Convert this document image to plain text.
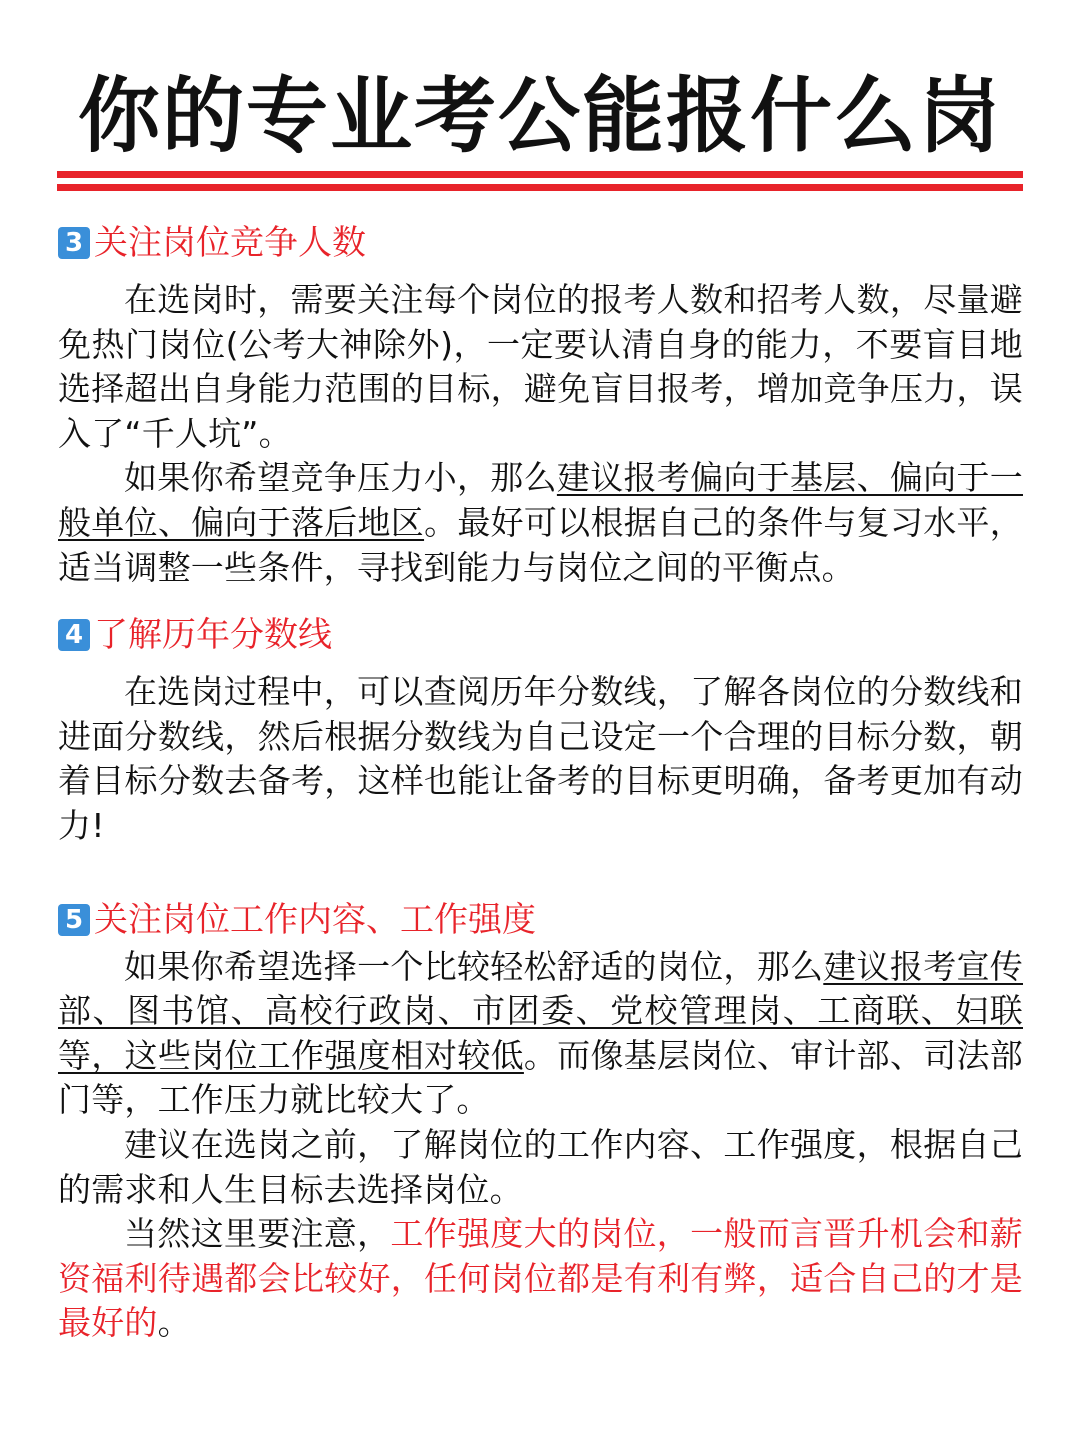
你的专业考公能报什么岗
3 关注岗位竞争人数

在选岗时，需要关注每个岗位的报考人数和招考人数，尽量避免热门岗位(公考大神除外)，一定要认清自身的能力，不要盲目地选择超出自身能力范围的目标，避免盲目报考，增加竞争压力，误入了“千人坑”。

如果你希望竞争压力小，那么建议报考偏向于基层、偏向于一般单位、偏向于落后地区。最好可以根据自己的条件与复习水平，适当调整一些条件，寻找到能力与岗位之间的平衡点。

4 了解历年分数线

在选岗过程中，可以查阅历年分数线，了解各岗位的分数线和进面分数线，然后根据分数线为自己设定一个合理的目标分数，朝着目标分数去备考，这样也能让备考的目标更明确，备考更加有动力!

5 关注岗位工作内容、工作强度

如果你希望选择一个比较轻松舒适的岗位，那么建议报考宣传部、图书馆、高校行政岗、市团委、党校管理岗、工商联、妇联等，这些岗位工作强度相对较低。而像基层岗位、审计部、司法部门等，工作压力就比较大了。

建议在选岗之前，了解岗位的工作内容、工作强度，根据自己的需求和人生目标去选择岗位。

当然这里要注意，工作强度大的岗位，一般而言晋升机会和薪资福利待遇都会比较好，任何岗位都是有利有弊，适合自己的才是最好的。
